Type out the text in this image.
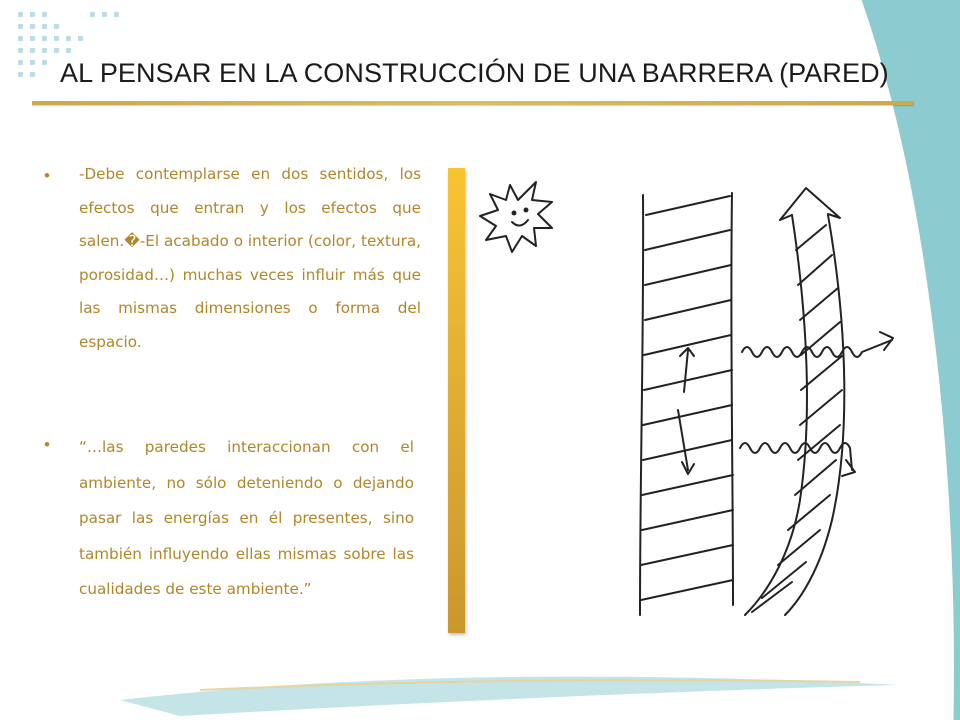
AL PENSAR EN LA CONSTRUCCIÓN DE UNA BARRERA (PARED)
• -Debe contemplarse en dos sentidos, los efectos que entran y los efectos que salen.�-El acabado o interior (color, textura, porosidad…) muchas veces influir más que las mismas dimensiones o forma del espacio.

• “…las paredes interaccionan con el ambiente, no sólo deteniendo o dejando pasar las energías en él presentes, sino también influyendo ellas mismas sobre las cualidades de este ambiente.”
